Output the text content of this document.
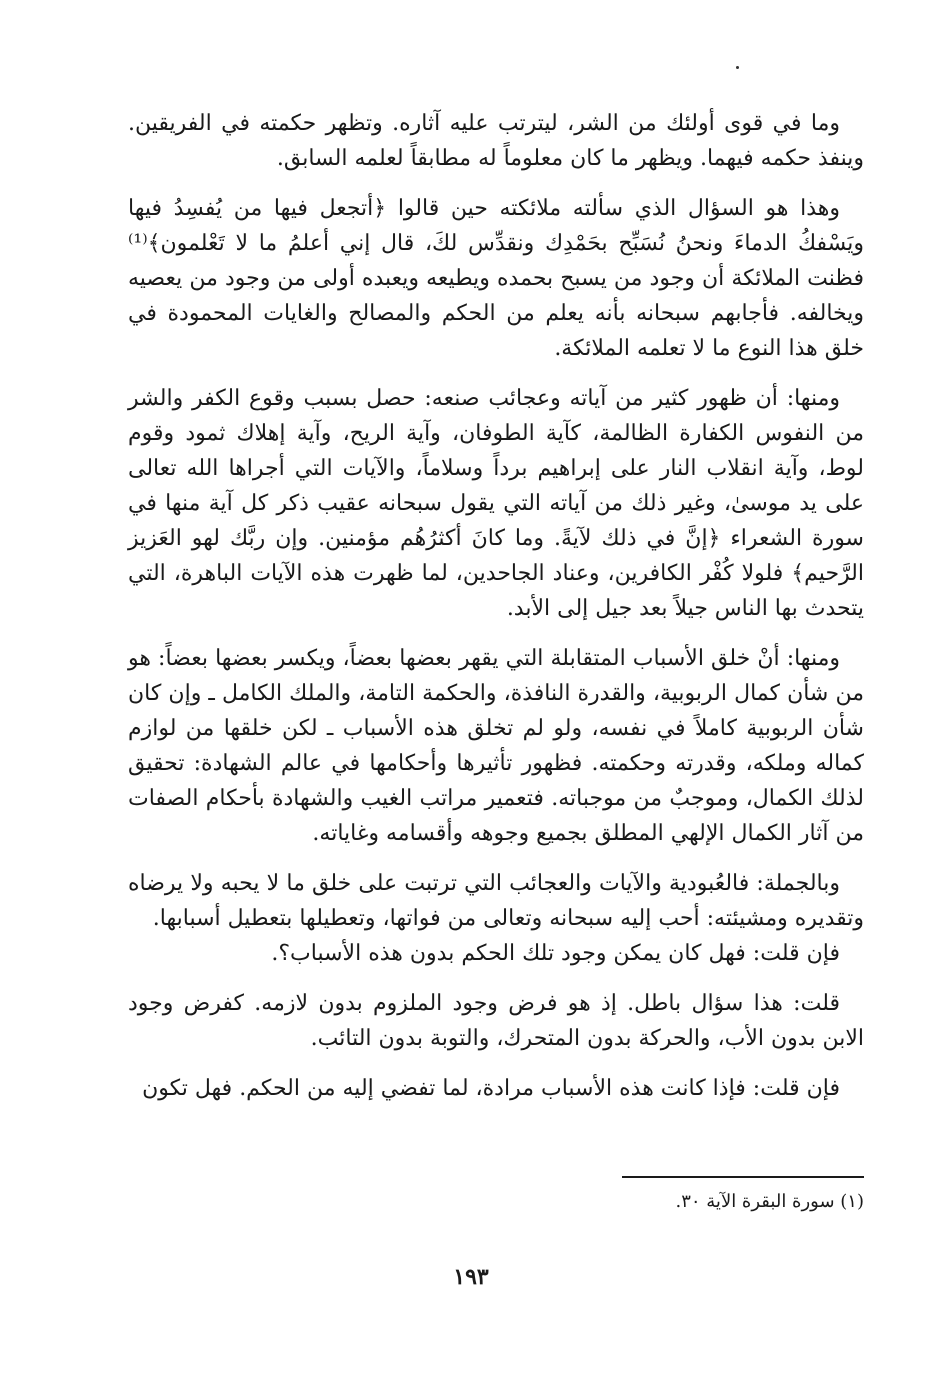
وما في قوى أولئك من الشر، ليترتب عليه آثاره. وتظهر حكمته في الفريقين. وينفذ حكمه فيهما. ويظهر ما كان معلوماً له مطابقاً لعلمه السابق.

وهذا هو السؤال الذي سألته ملائكته حين قالوا ﴿أتجعل فيها من يُفسِدُ فيها ويَسْفكُ الدماءَ ونحنُ نُسَبِّح بحَمْدِك ونقدِّس لكَ، قال إني أعلمُ ما لا تَعْلمون﴾⁽¹⁾ فظنت الملائكة أن وجود من يسبح بحمده ويطيعه ويعبده أولى من وجود من يعصيه ويخالفه. فأجابهم سبحانه بأنه يعلم من الحكم والمصالح والغايات المحمودة في خلق هذا النوع ما لا تعلمه الملائكة.

ومنها: أن ظهور كثير من آياته وعجائب صنعه: حصل بسبب وقوع الكفر والشر من النفوس الكفارة الظالمة، كآية الطوفان، وآية الريح، وآية إهلاك ثمود وقوم لوط، وآية انقلاب النار على إبراهيم برداً وسلاماً، والآيات التي أجراها الله تعالى على يد موسىٰ، وغير ذلك من آياته التي يقول سبحانه عقيب ذكر كل آية منها في سورة الشعراء ﴿إنَّ في ذلك لآيةً. وما كانَ أكثرُهُم مؤمنين. وإن ربَّك لهو العَزيز الرَّحيم﴾ فلولا كُفْر الكافرين، وعناد الجاحدين، لما ظهرت هذه الآيات الباهرة، التي يتحدث بها الناس جيلاً بعد جيل إلى الأبد.

ومنها: أنْ خلق الأسباب المتقابلة التي يقهر بعضها بعضاً، ويكسر بعضها بعضاً: هو من شأن كمال الربوبية، والقدرة النافذة، والحكمة التامة، والملك الكامل ـ وإن كان شأن الربوبية كاملاً في نفسه، ولو لم تخلق هذه الأسباب ـ لكن خلقها من لوازم كماله وملكه، وقدرته وحكمته. فظهور تأثيرها وأحكامها في عالم الشهادة: تحقيق لذلك الكمال، وموجبٌ من موجباته. فتعمير مراتب الغيب والشهادة بأحكام الصفات من آثار الكمال الإلهي المطلق بجميع وجوهه وأقسامه وغاياته.

وبالجملة: فالعُبودية والآيات والعجائب التي ترتبت على خلق ما لا يحبه ولا يرضاه وتقديره ومشيئته: أحب إليه سبحانه وتعالى من فواتها، وتعطيلها بتعطيل أسبابها.

فإن قلت: فهل كان يمكن وجود تلك الحكم بدون هذه الأسباب؟.

قلت: هذا سؤال باطل. إذ هو فرض وجود الملزوم بدون لازمه. كفرض وجود الابن بدون الأب، والحركة بدون المتحرك، والتوبة بدون التائب.

فإن قلت: فإذا كانت هذه الأسباب مرادة، لما تفضي إليه من الحكم. فهل تكون

(١) سورة البقرة الآية ٣٠.
١٩٣
